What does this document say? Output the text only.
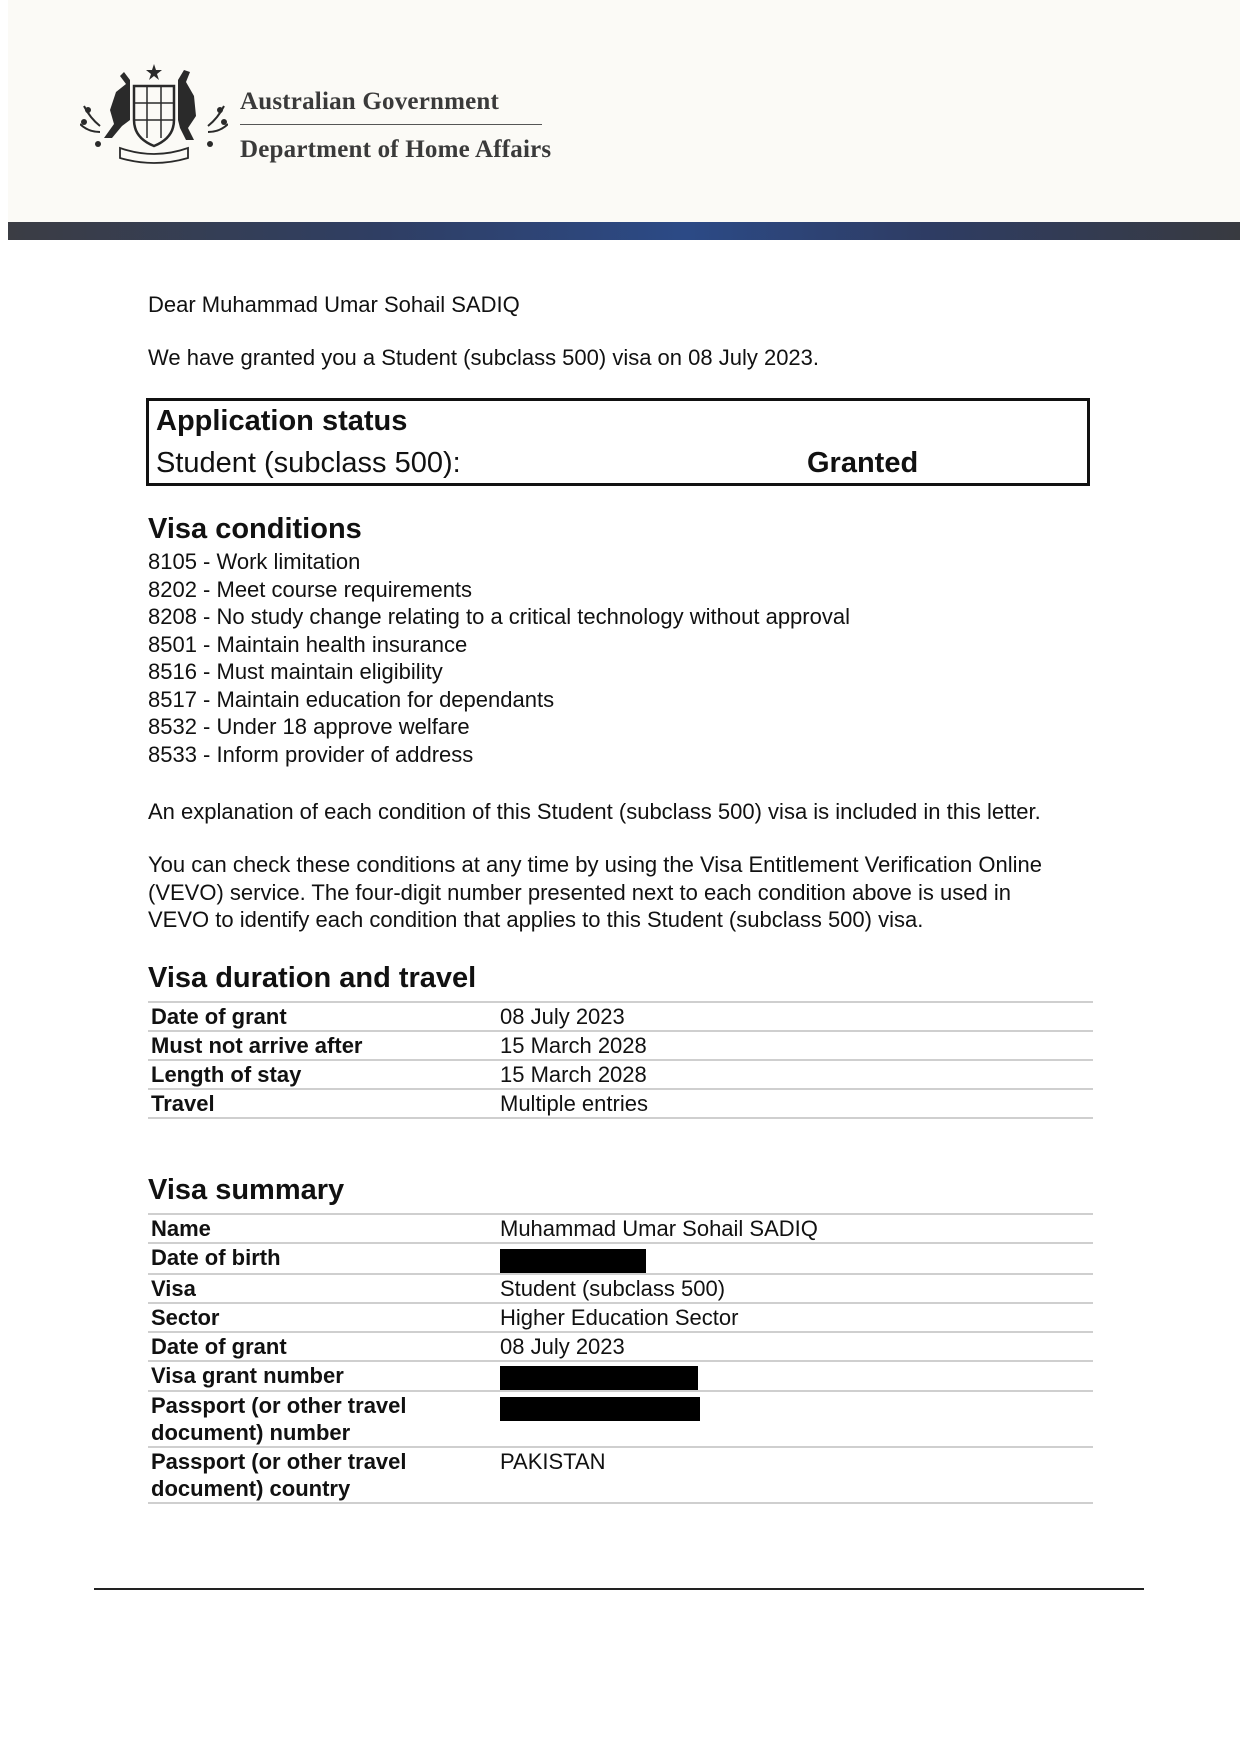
Australian Government
Department of Home Affairs
Dear Muhammad Umar Sohail SADIQ
We have granted you a Student (subclass 500) visa on 08 July 2023.
Application status
Student (subclass 500):	Granted
Visa conditions
8105 - Work limitation
8202 - Meet course requirements
8208 - No study change relating to a critical technology without approval
8501 - Maintain health insurance
8516 - Must maintain eligibility
8517 - Maintain education for dependants
8532 - Under 18 approve welfare
8533 - Inform provider of address
An explanation of each condition of this Student (subclass 500) visa is included in this letter.
You can check these conditions at any time by using the Visa Entitlement Verification Online
(VEVO) service. The four-digit number presented next to each condition above is used in
VEVO to identify each condition that applies to this Student (subclass 500) visa.
Visa duration and travel
Date of grant	08 July 2023
Must not arrive after	15 March 2028
Length of stay	15 March 2028
Travel	Multiple entries
Visa summary
Name	Muhammad Umar Sohail SADIQ
Date of birth	
Visa	Student (subclass 500)
Sector	Higher Education Sector
Date of grant	08 July 2023
Visa grant number	

Passport (or other travel
document) number	

Passport (or other travel
document) country	PAKISTAN
